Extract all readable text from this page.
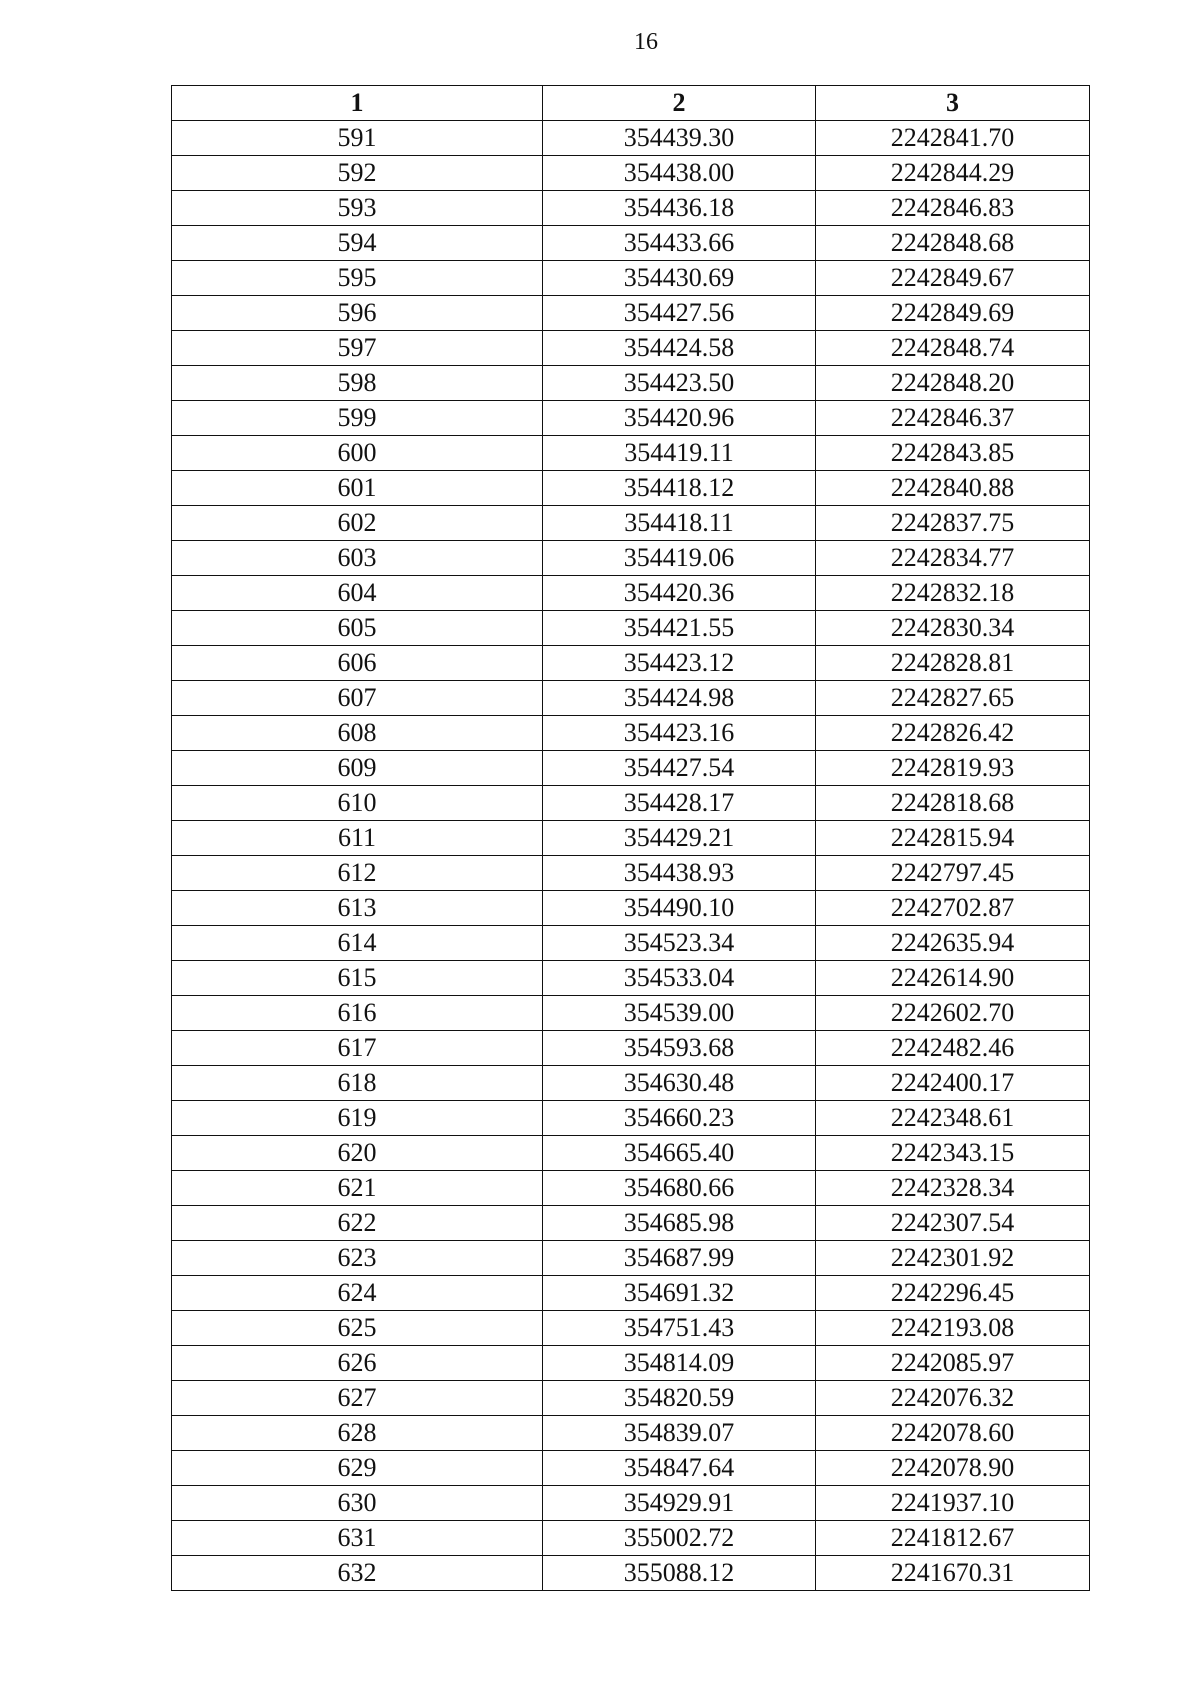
16
1	2	3
591	354439.30	2242841.70
592	354438.00	2242844.29
593	354436.18	2242846.83
594	354433.66	2242848.68
595	354430.69	2242849.67
596	354427.56	2242849.69
597	354424.58	2242848.74
598	354423.50	2242848.20
599	354420.96	2242846.37
600	354419.11	2242843.85
601	354418.12	2242840.88
602	354418.11	2242837.75
603	354419.06	2242834.77
604	354420.36	2242832.18
605	354421.55	2242830.34
606	354423.12	2242828.81
607	354424.98	2242827.65
608	354423.16	2242826.42
609	354427.54	2242819.93
610	354428.17	2242818.68
611	354429.21	2242815.94
612	354438.93	2242797.45
613	354490.10	2242702.87
614	354523.34	2242635.94
615	354533.04	2242614.90
616	354539.00	2242602.70
617	354593.68	2242482.46
618	354630.48	2242400.17
619	354660.23	2242348.61
620	354665.40	2242343.15
621	354680.66	2242328.34
622	354685.98	2242307.54
623	354687.99	2242301.92
624	354691.32	2242296.45
625	354751.43	2242193.08
626	354814.09	2242085.97
627	354820.59	2242076.32
628	354839.07	2242078.60
629	354847.64	2242078.90
630	354929.91	2241937.10
631	355002.72	2241812.67
632	355088.12	2241670.31
